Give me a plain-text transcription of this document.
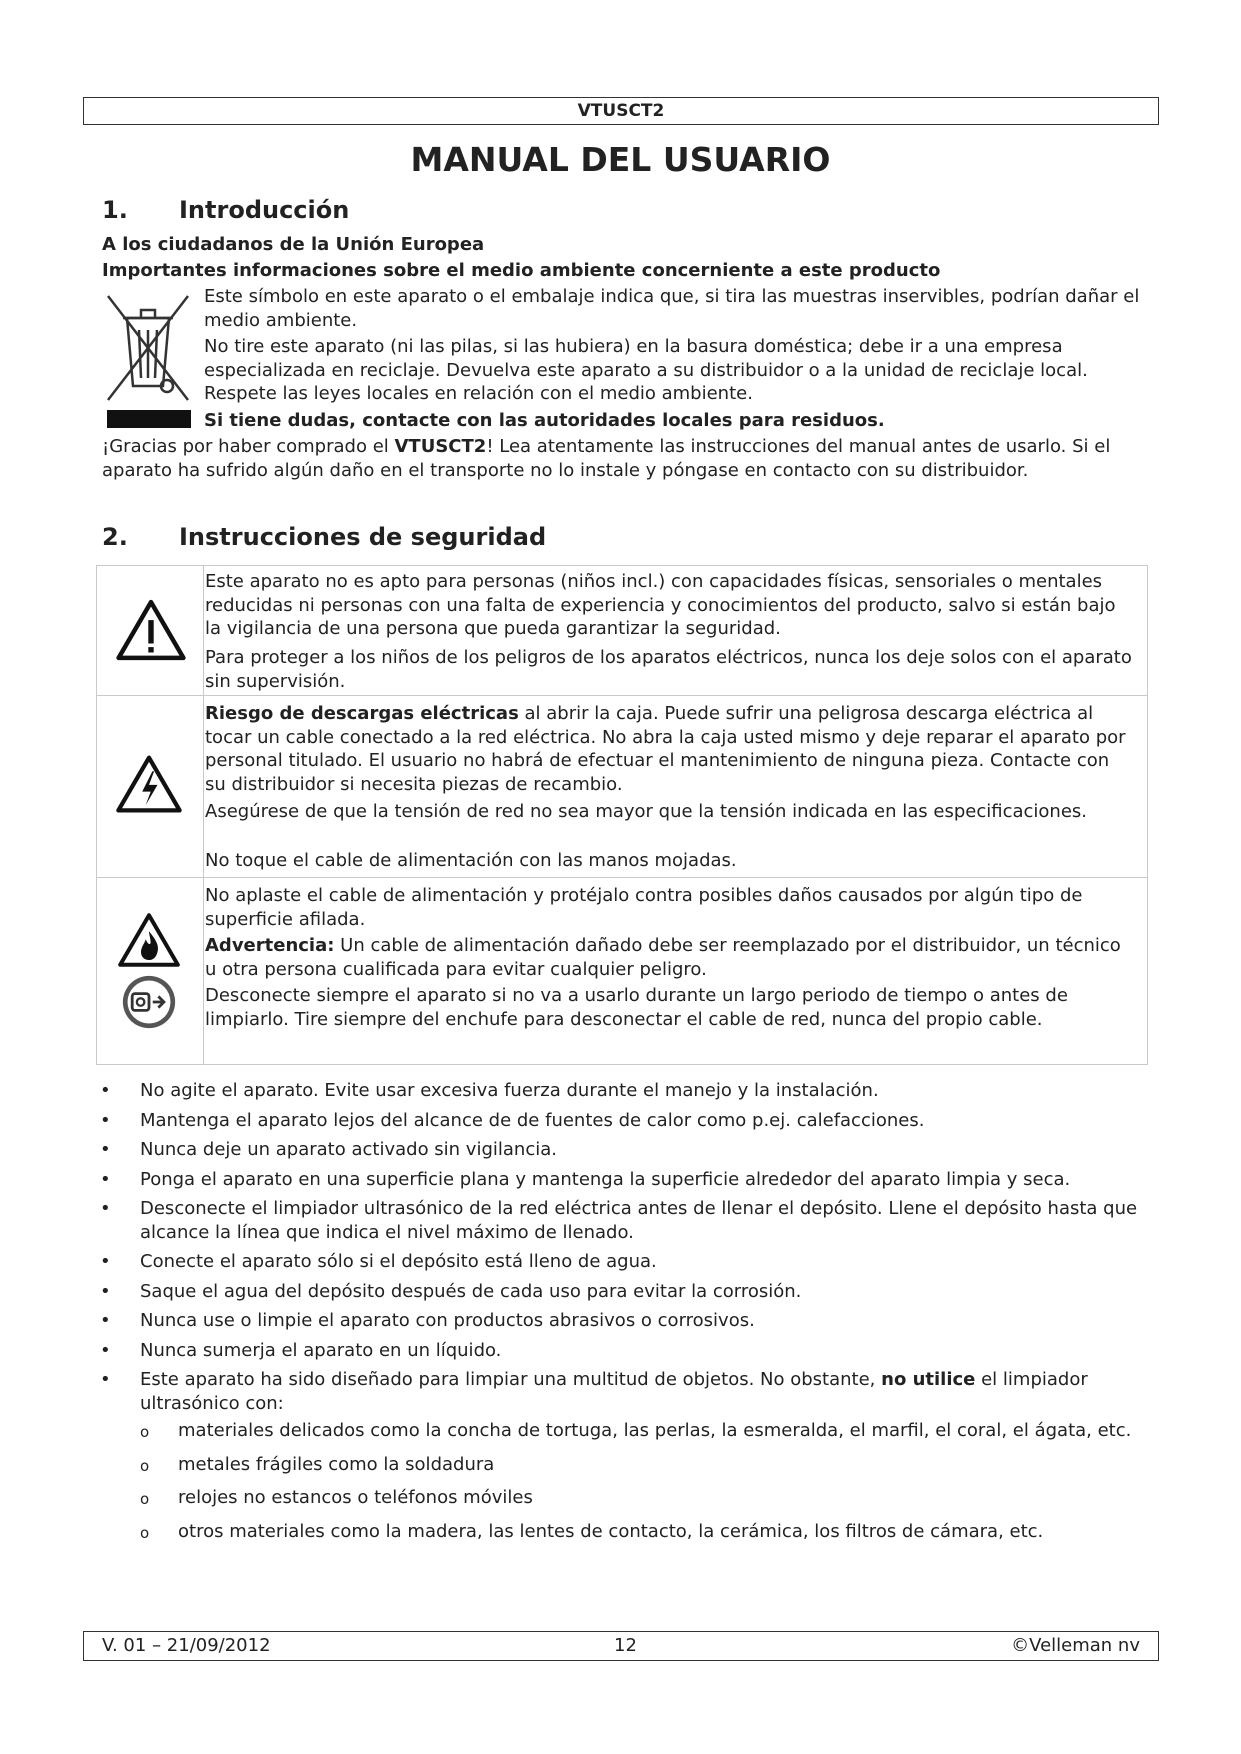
VTUSCT2
MANUAL DEL USUARIO
1. Introducción
A los ciudadanos de la Unión Europea
Importantes informaciones sobre el medio ambiente concerniente a este producto
Este símbolo en este aparato o el embalaje indica que, si tira las muestras inservibles, podrían dañar el medio ambiente.
No tire este aparato (ni las pilas, si las hubiera) en la basura doméstica; debe ir a una empresa especializada en reciclaje. Devuelva este aparato a su distribuidor o a la unidad de reciclaje local. Respete las leyes locales en relación con el medio ambiente.
Si tiene dudas, contacte con las autoridades locales para residuos.
¡Gracias por haber comprado el VTUSCT2! Lea atentamente las instrucciones del manual antes de usarlo. Si el aparato ha sufrido algún daño en el transporte no lo instale y póngase en contacto con su distribuidor.
2. Instrucciones de seguridad
Este aparato no es apto para personas (niños incl.) con capacidades físicas, sensoriales o mentales reducidas ni personas con una falta de experiencia y conocimientos del producto, salvo si están bajo la vigilancia de una persona que pueda garantizar la seguridad.
Para proteger a los niños de los peligros de los aparatos eléctricos, nunca los deje solos con el aparato sin supervisión.
Riesgo de descargas eléctricas al abrir la caja. Puede sufrir una peligrosa descarga eléctrica al tocar un cable conectado a la red eléctrica. No abra la caja usted mismo y deje reparar el aparato por personal titulado. El usuario no habrá de efectuar el mantenimiento de ninguna pieza. Contacte con su distribuidor si necesita piezas de recambio.
Asegúrese de que la tensión de red no sea mayor que la tensión indicada en las especificaciones.
No toque el cable de alimentación con las manos mojadas.
No aplaste el cable de alimentación y protéjalo contra posibles daños causados por algún tipo de superficie afilada.
Advertencia: Un cable de alimentación dañado debe ser reemplazado por el distribuidor, un técnico u otra persona cualificada para evitar cualquier peligro.
Desconecte siempre el aparato si no va a usarlo durante un largo periodo de tiempo o antes de limpiarlo. Tire siempre del enchufe para desconectar el cable de red, nunca del propio cable.
• No agite el aparato. Evite usar excesiva fuerza durante el manejo y la instalación.
• Mantenga el aparato lejos del alcance de de fuentes de calor como p.ej. calefacciones.
• Nunca deje un aparato activado sin vigilancia.
• Ponga el aparato en una superficie plana y mantenga la superficie alrededor del aparato limpia y seca.
• Desconecte el limpiador ultrasónico de la red eléctrica antes de llenar el depósito. Llene el depósito hasta que alcance la línea que indica el nivel máximo de llenado.
• Conecte el aparato sólo si el depósito está lleno de agua.
• Saque el agua del depósito después de cada uso para evitar la corrosión.
• Nunca use o limpie el aparato con productos abrasivos o corrosivos.
• Nunca sumerja el aparato en un líquido.
• Este aparato ha sido diseñado para limpiar una multitud de objetos. No obstante, no utilice el limpiador ultrasónico con:
o materiales delicados como la concha de tortuga, las perlas, la esmeralda, el marfil, el coral, el ágata, etc.
o metales frágiles como la soldadura
o relojes no estancos o teléfonos móviles
o otros materiales como la madera, las lentes de contacto, la cerámica, los filtros de cámara, etc.
V. 01 – 21/09/2012	12	©Velleman nv
